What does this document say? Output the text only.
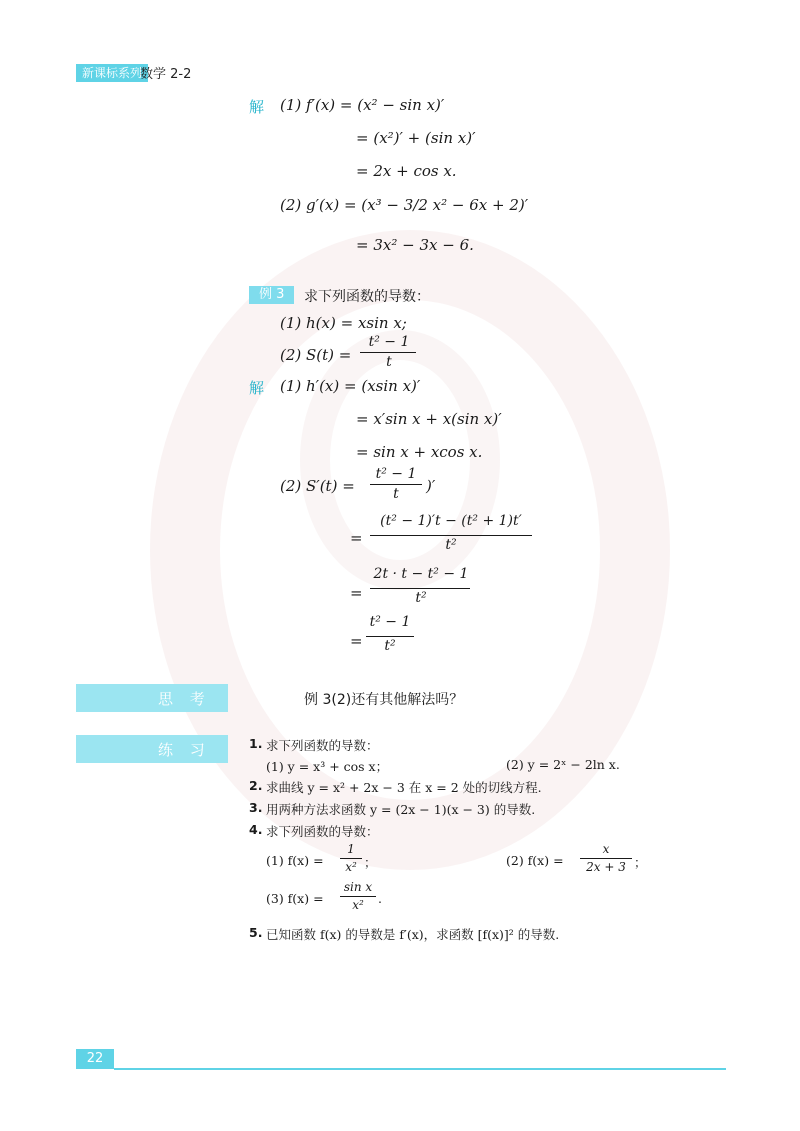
新课标系列
数学 2-2
解 (1) f′(x) = (x² − sin x)′
= (x²)′ + (sin x)′
= 2x + cos x.
(2) g′(x) = (x³ − 3/2 x² − 6x + 2)′
= 3x² − 3x − 6.
例 3	求下列函数的导数：
(1) h(x) = xsin x;
(2) S(t) =
t² − 1
t
解 (1) h′(x) = (xsin x)′
= x′sin x + x(sin x)′
= sin x + xcos x.
(2) S′(t) =
t² − 1
t	)′
=
(t² − 1)′t − (t² + 1)t′
t²
=
2t · t − t² − 1
t²
=
t² − 1
t²
思 考	例 3(2)还有其他解法吗？
练 习	1. 求下列函数的导数：
(1) y = x³ + cos x；	(2) y = 2ˣ − 2ln x.
2. 求曲线 y = x² + 2x − 3 在 x = 2 处的切线方程.
3. 用两种方法求函数 y = (2x − 1)(x − 3) 的导数.
4. 求下列函数的导数：
(1) f(x) =
1
x² ；	(2) f(x) =
x
2x + 3 ；
(3) f(x) =
sin x
x²	.
5. 已知函数 f(x) 的导数是 f′(x)，求函数 [f(x)]² 的导数.
22
